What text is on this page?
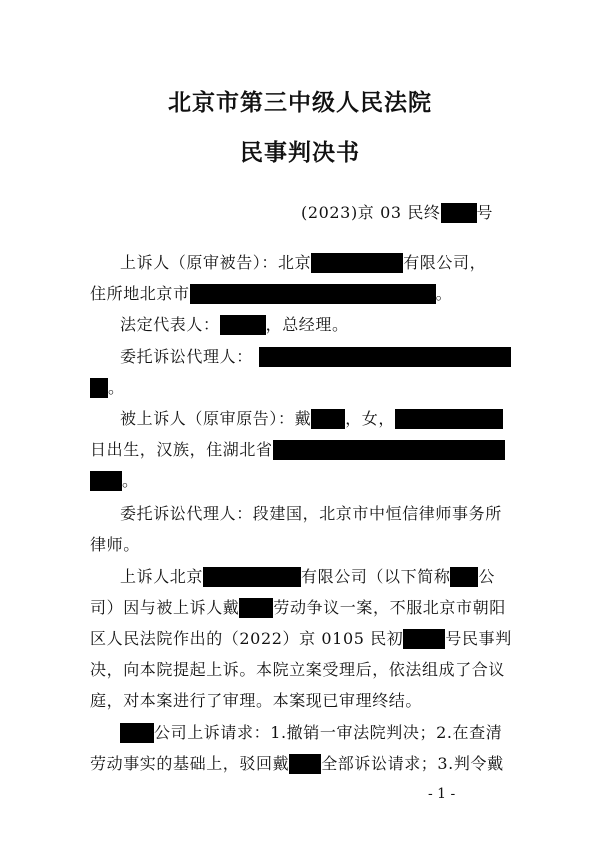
北京市第三中级人民法院
民事判决书
(2023)京 03 民终 号
上诉人（原审被告）：北京	有限公司，
住所地北京市	。
法定代表人：	，总经理。
委托诉讼代理人：
。
被上诉人（原审原告）：戴 ，女，
日出生，汉族，住湖北省
。
委托诉讼代理人：段建国，北京市中恒信律师事务所
律师。
上诉人北京	有限公司（以下简称 公
司）因与被上诉人戴 劳动争议一案，不服北京市朝阳
区人民法院作出的（2022）京 0105 民初	号民事判
决，向本院提起上诉。本院立案受理后，依法组成了合议
庭，对本案进行了审理。本案现已审理终结。
公司上诉请求：1.撤销一审法院判决；2.在查清
劳动事实的基础上，驳回戴 全部诉讼请求；3.判令戴
- 1 -
